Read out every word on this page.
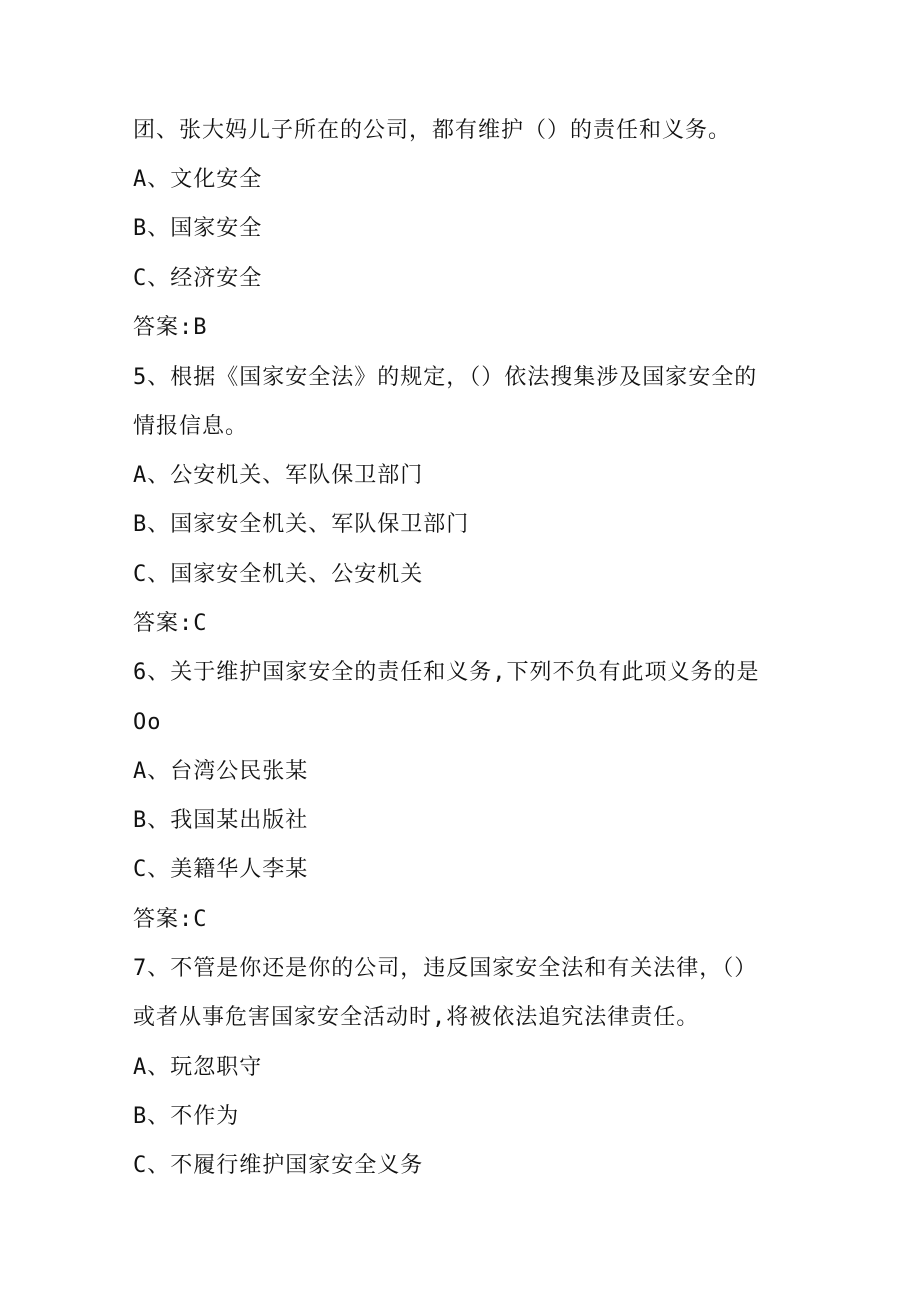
团、张大妈儿子所在的公司，都有维护（）的责任和义务。
A、文化安全
B、国家安全
C、经济安全
答案:B
5、根据《国家安全法》的规定，（）依法搜集涉及国家安全的
情报信息。
A、公安机关、军队保卫部门
B、国家安全机关、军队保卫部门
C、国家安全机关、公安机关
答案:C
6、关于维护国家安全的责任和义务,下列不负有此项义务的是
Oo
A、台湾公民张某
B、我国某出版社
C、美籍华人李某
答案:C
7、不管是你还是你的公司，违反国家安全法和有关法律，（）
或者从事危害国家安全活动时,将被依法追究法律责任。
A、玩忽职守
B、不作为
C、不履行维护国家安全义务
